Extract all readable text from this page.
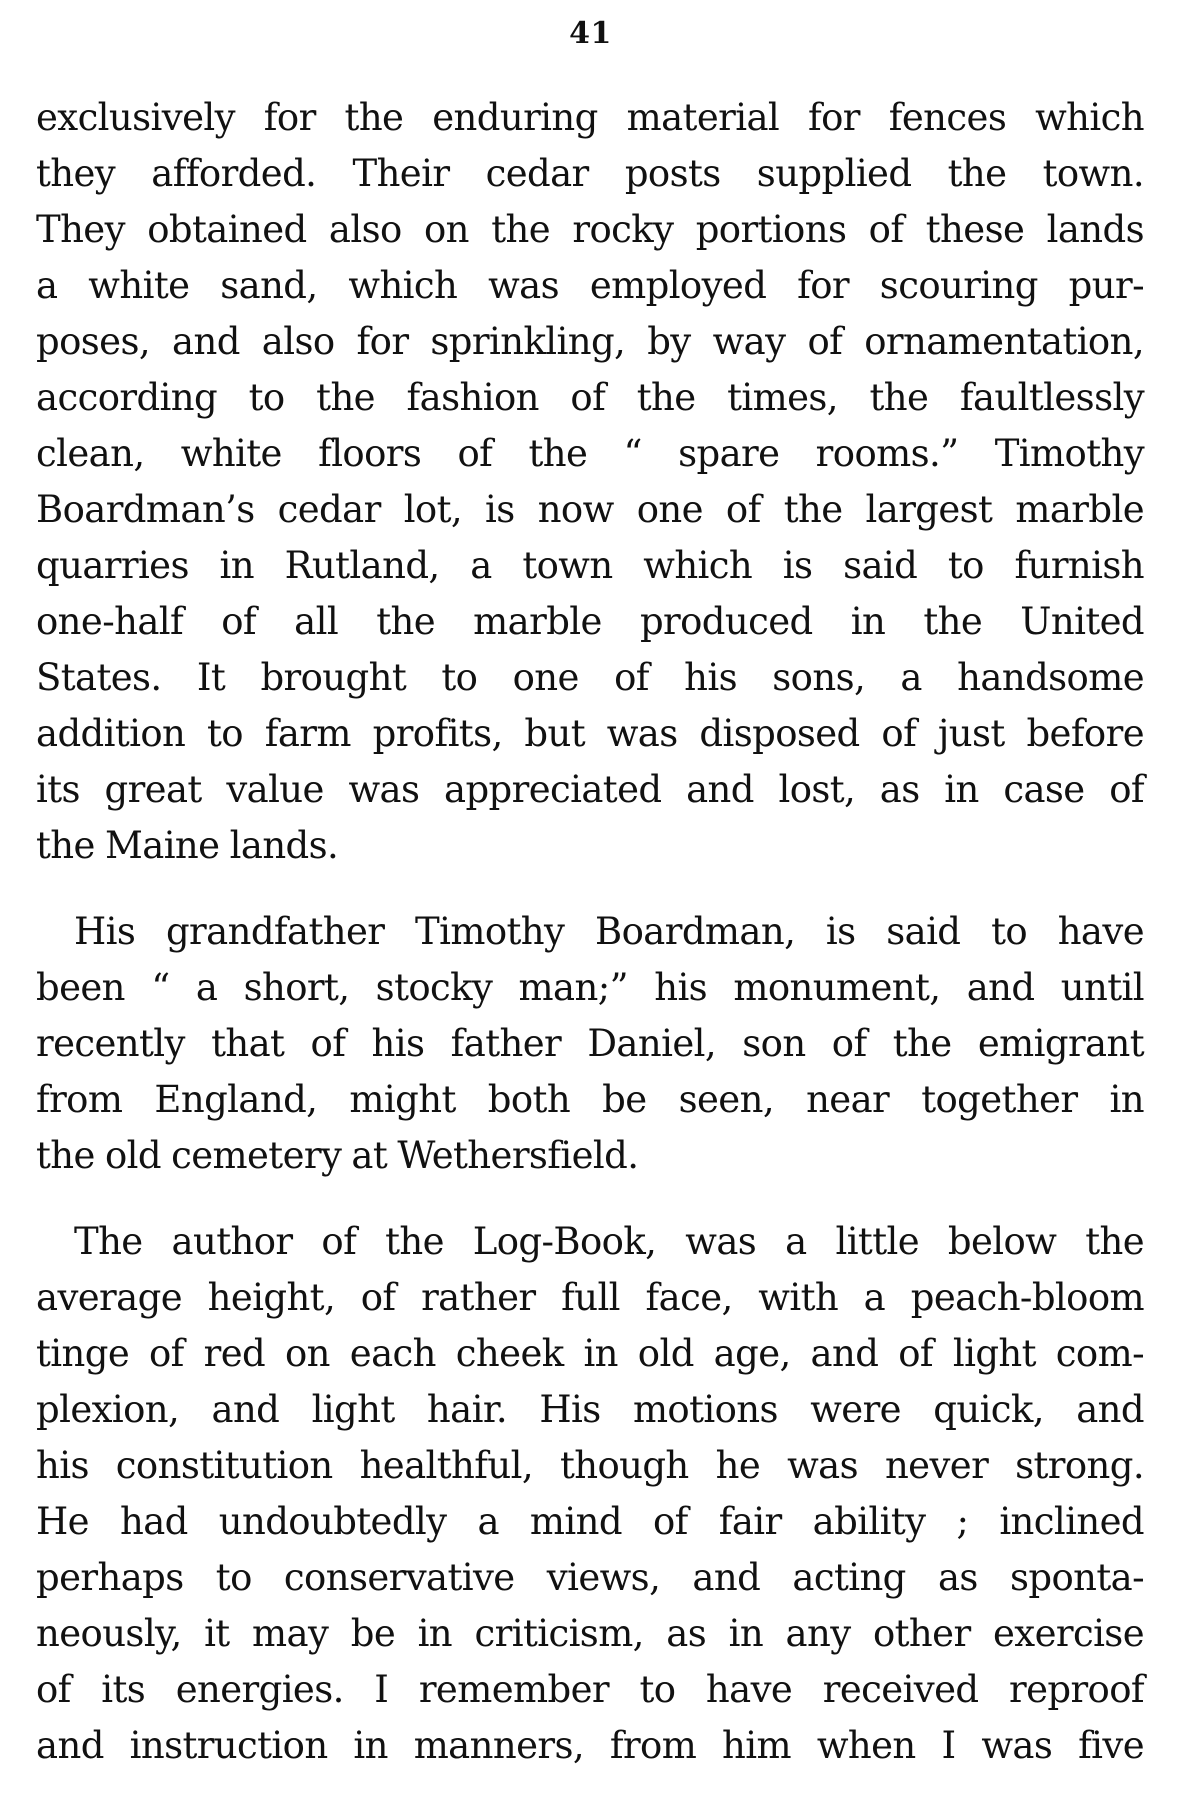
41
exclusively for the enduring material for fences which
they afforded. Their cedar posts supplied the town.
They obtained also on the rocky portions of these lands
a white sand, which was employed for scouring pur-
poses, and also for sprinkling, by way of ornamentation,
according to the fashion of the times, the faultlessly
clean, white floors of the “ spare rooms.” Timothy
Boardman’s cedar lot, is now one of the largest marble
quarries in Rutland, a town which is said to furnish
one-half of all the marble produced in the United
States. It brought to one of his sons, a handsome
addition to farm profits, but was disposed of just before
its great value was appreciated and lost, as in case of
the Maine lands.
His grandfather Timothy Boardman, is said to have
been “ a short, stocky man;” his monument, and until
recently that of his father Daniel, son of the emigrant
from England, might both be seen, near together in
the old cemetery at Wethersfield.
The author of the Log-Book, was a little below the
average height, of rather full face, with a peach-bloom
tinge of red on each cheek in old age, and of light com-
plexion, and light hair. His motions were quick, and
his constitution healthful, though he was never strong.
He had undoubtedly a mind of fair ability ; inclined
perhaps to conservative views, and acting as sponta-
neously, it may be in criticism, as in any other exercise
of its energies. I remember to have received reproof
and instruction in manners, from him when I was five
